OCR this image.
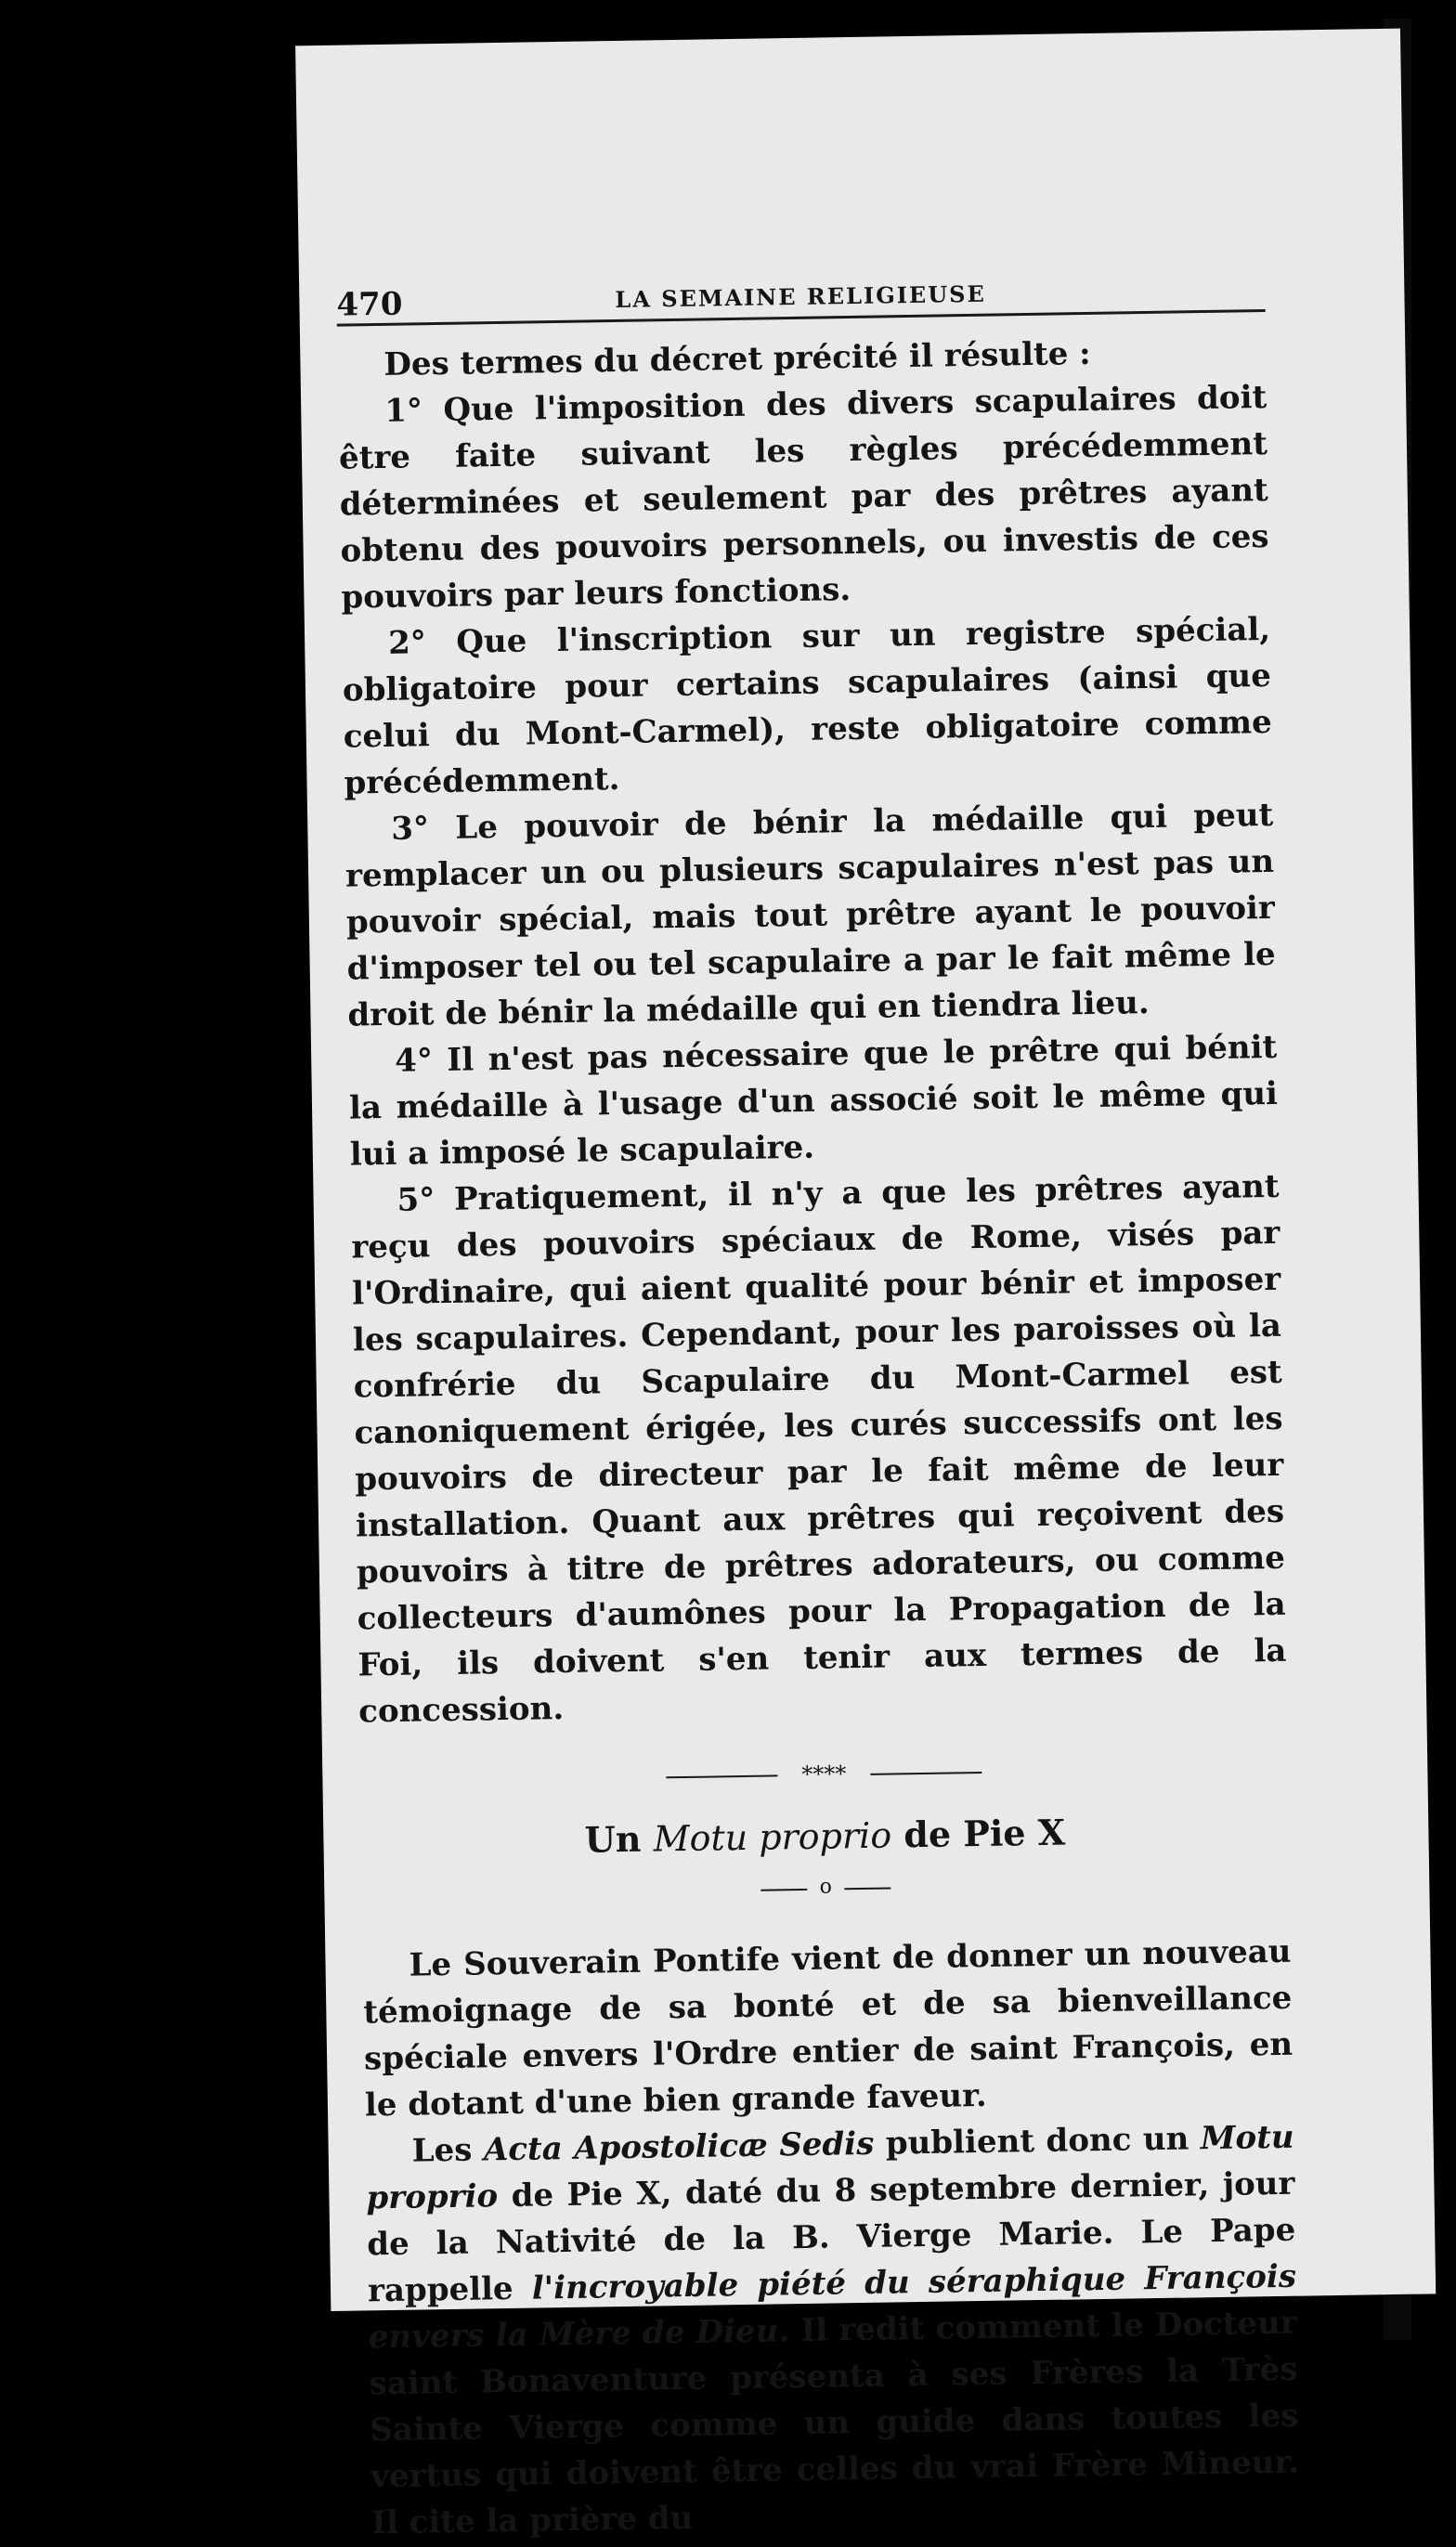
470	LA SEMAINE RELIGIEUSE

Des termes du décret précité il résulte :

1° Que l'imposition des divers scapulaires doit être faite suivant les règles précédemment déterminées et seulement par des prêtres ayant obtenu des pouvoirs personnels, ou investis de ces pouvoirs par leurs fonctions.

2° Que l'inscription sur un registre spécial, obligatoire pour certains scapulaires (ainsi que celui du Mont-Carmel), reste obligatoire comme précédemment.

3° Le pouvoir de bénir la médaille qui peut remplacer un ou plusieurs scapulaires n'est pas un pouvoir spécial, mais tout prêtre ayant le pouvoir d'imposer tel ou tel scapulaire a par le fait même le droit de bénir la médaille qui en tiendra lieu.

4° Il n'est pas nécessaire que le prêtre qui bénit la médaille à l'usage d'un associé soit le même qui lui a imposé le scapulaire.

5° Pratiquement, il n'y a que les prêtres ayant reçu des pouvoirs spéciaux de Rome, visés par l'Ordinaire, qui aient qualité pour bénir et imposer les scapulaires. Cependant, pour les paroisses où la confrérie du Scapulaire du Mont-Carmel est canoniquement érigée, les curés successifs ont les pouvoirs de directeur par le fait même de leur installation. Quant aux prêtres qui reçoivent des pouvoirs à titre de prêtres adorateurs, ou comme collecteurs d'aumônes pour la Propagation de la Foi, ils doivent s'en tenir aux termes de la concession.

****
Un Motu proprio de Pie X
o

Le Souverain Pontife vient de donner un nouveau témoignage de sa bonté et de sa bienveillance spéciale envers l'Ordre entier de saint François, en le dotant d'une bien grande faveur.

Les Acta Apostolicæ Sedis publient donc un Motu proprio de Pie X, daté du 8 septembre dernier, jour de la Nativité de la B. Vierge Marie. Le Pape rappelle l'incroyable piété du séraphique François envers la Mère de Dieu. Il redit comment le Docteur saint Bonaventure présenta à ses Frères la Très Sainte Vierge comme un guide dans toutes les vertus qui doivent être celles du vrai Frère Mineur. Il cite la prière du
